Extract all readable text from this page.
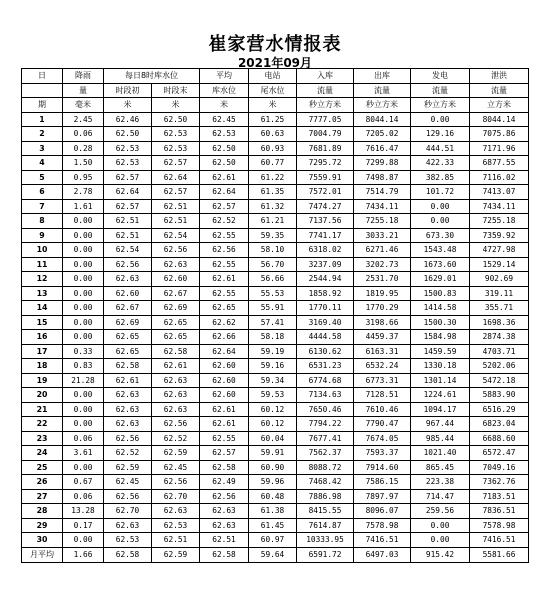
崔家营水情报表
2021年09月
日	降雨	每日8时库水位		平均	电站	入库	出库	发电	泄洪
	量	时段初	时段末	库水位	尾水位	流量	流量	流量	流量
期	毫米	米	米	米	米	秒立方米	秒立方米	秒立方米	立方米
1	2.45	62.46	62.50	62.45	61.25	7777.05	8044.14	0.00	8044.14
2	0.06	62.50	62.53	62.53	60.63	7004.79	7205.02	129.16	7075.86
3	0.28	62.53	62.53	62.50	60.93	7681.89	7616.47	444.51	7171.96
4	1.50	62.53	62.57	62.50	60.77	7295.72	7299.88	422.33	6877.55
5	0.95	62.57	62.64	62.61	61.22	7559.91	7498.87	382.85	7116.02
6	2.78	62.64	62.57	62.64	61.35	7572.01	7514.79	101.72	7413.07
7	1.61	62.57	62.51	62.57	61.32	7474.27	7434.11	0.00	7434.11
8	0.00	62.51	62.51	62.52	61.21	7137.56	7255.18	0.00	7255.18
9	0.00	62.51	62.54	62.55	59.35	7741.17	3033.21	673.30	7359.92
10	0.00	62.54	62.56	62.56	58.10	6318.02	6271.46	1543.48	4727.98
11	0.00	62.56	62.63	62.55	56.70	3237.09	3202.73	1673.60	1529.14
12	0.00	62.63	62.60	62.61	56.66	2544.94	2531.70	1629.01	902.69
13	0.00	62.60	62.67	62.55	55.53	1858.92	1819.95	1500.83	319.11
14	0.00	62.67	62.69	62.65	55.91	1770.11	1770.29	1414.58	355.71
15	0.00	62.69	62.65	62.62	57.41	3169.40	3198.66	1500.30	1698.36
16	0.00	62.65	62.65	62.66	58.18	4444.58	4459.37	1584.98	2874.38
17	0.33	62.65	62.58	62.64	59.19	6130.62	6163.31	1459.59	4703.71
18	0.83	62.58	62.61	62.60	59.16	6531.23	6532.24	1330.18	5202.06
19	21.28	62.61	62.63	62.60	59.34	6774.68	6773.31	1301.14	5472.18
20	0.00	62.63	62.63	62.60	59.53	7134.63	7128.51	1224.61	5883.90
21	0.00	62.63	62.63	62.61	60.12	7650.46	7610.46	1094.17	6516.29
22	0.00	62.63	62.56	62.61	60.12	7794.22	7790.47	967.44	6823.04
23	0.06	62.56	62.52	62.55	60.04	7677.41	7674.05	985.44	6688.60
24	3.61	62.52	62.59	62.57	59.91	7562.37	7593.37	1021.40	6572.47
25	0.00	62.59	62.45	62.58	60.90	8088.72	7914.60	865.45	7049.16
26	0.67	62.45	62.56	62.49	59.96	7468.42	7586.15	223.38	7362.76
27	0.06	62.56	62.70	62.56	60.48	7886.98	7897.97	714.47	7183.51
28	13.28	62.70	62.63	62.63	61.38	8415.55	8096.07	259.56	7836.51
29	0.17	62.63	62.53	62.63	61.45	7614.87	7578.98	0.00	7578.98
30	0.00	62.53	62.51	62.51	60.97	10333.95	7416.51	0.00	7416.51
月平均	1.66	62.58	62.59	62.58	59.64	6591.72	6497.03	915.42	5581.66
